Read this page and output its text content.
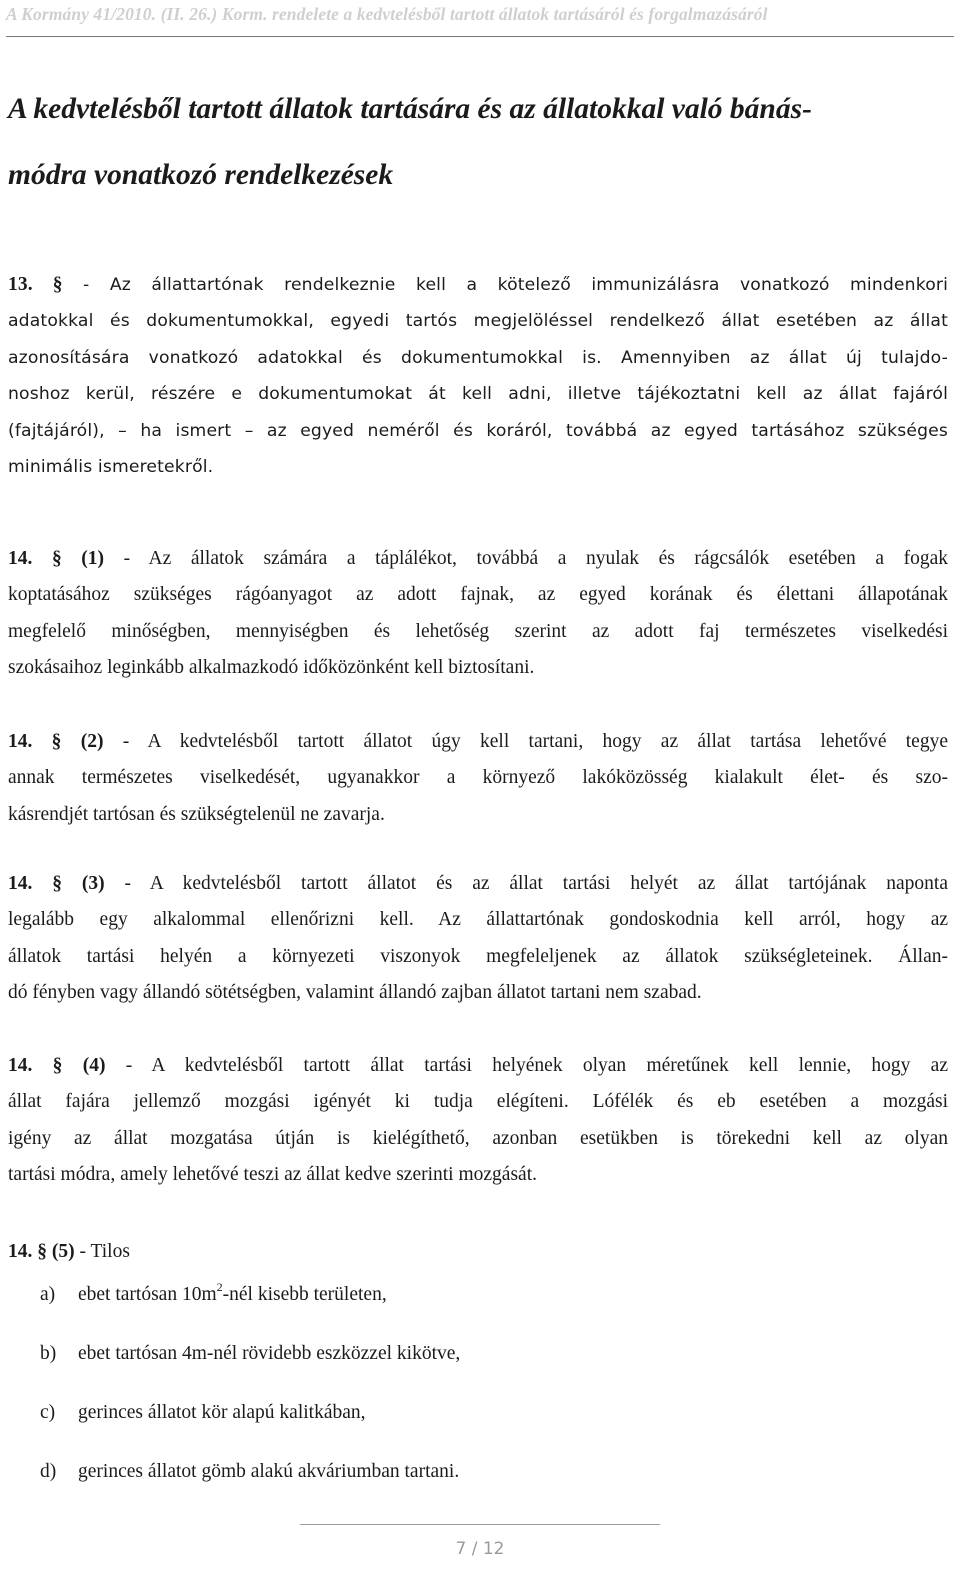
A Kormány 41/2010. (II. 26.) Korm. rendelete a kedvtelésből tartott állatok tartásáról és forgalmazásáról
A kedvtelésből tartott állatok tartására és az állatokkal való bánás-
módra vonatkozó rendelkezések
13. § - Az állattartónak rendelkeznie kell a kötelező immunizálásra vonatkozó mindenkori
adatokkal és dokumentumokkal, egyedi tartós megjelöléssel rendelkező állat esetében az állat
azonosítására vonatkozó adatokkal és dokumentumokkal is. Amennyiben az állat új tulajdo-
noshoz kerül, részére e dokumentumokat át kell adni, illetve tájékoztatni kell az állat fajáról
(fajtájáról), – ha ismert – az egyed neméről és koráról, továbbá az egyed tartásához szükséges
minimális ismeretekről.
14. § (1) - Az állatok számára a táplálékot, továbbá a nyulak és rágcsálók esetében a fogak
koptatásához szükséges rágóanyagot az adott fajnak, az egyed korának és élettani állapotának
megfelelő minőségben, mennyiségben és lehetőség szerint az adott faj természetes viselkedési
szokásaihoz leginkább alkalmazkodó időközönként kell biztosítani.
14. § (2) - A kedvtelésből tartott állatot úgy kell tartani, hogy az állat tartása lehetővé tegye
annak természetes viselkedését, ugyanakkor a környező lakóközösség kialakult élet- és szo-
kásrendjét tartósan és szükségtelenül ne zavarja.
14. § (3) - A kedvtelésből tartott állatot és az állat tartási helyét az állat tartójának naponta
legalább egy alkalommal ellenőrizni kell. Az állattartónak gondoskodnia kell arról, hogy az
állatok tartási helyén a környezeti viszonyok megfeleljenek az állatok szükségleteinek. Állan-
dó fényben vagy állandó sötétségben, valamint állandó zajban állatot tartani nem szabad.
14. § (4) - A kedvtelésből tartott állat tartási helyének olyan méretűnek kell lennie, hogy az
állat fajára jellemző mozgási igényét ki tudja elégíteni. Lófélék és eb esetében a mozgási
igény az állat mozgatása útján is kielégíthető, azonban esetükben is törekedni kell az olyan
tartási módra, amely lehetővé teszi az állat kedve szerinti mozgását.
14. § (5) - Tilos
a) ebet tartósan $10m^2$-nél kisebb területen,
b) ebet tartósan 4m-nél rövidebb eszközzel kikötve,
c) gerinces állatot kör alapú kalitkában,
d) gerinces állatot gömb alakú akváriumban tartani.
7 / 12
